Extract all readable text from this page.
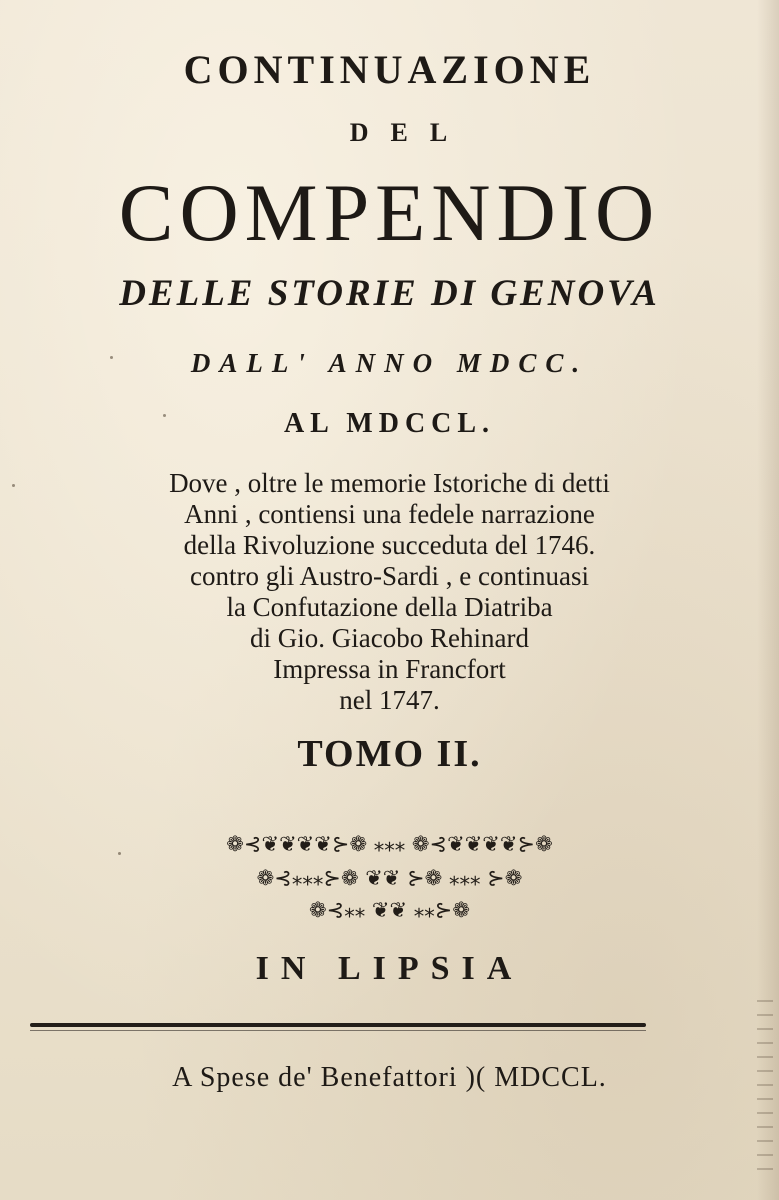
CONTINUAZIONE
DEL
COMPENDIO
DELLE STORIE DI GENOVA
DALL' ANNO MDCC.
AL MDCCL.
Dove , oltre le memorie Istoriche di detti
Anni , contiensi una fedele narrazione
della Rivoluzione succeduta del 1746.
contro gli Austro-Sardi , e continuasi
la Confutazione della Diatriba
di Gio. Giacobo Rehinard
Impressa in Francfort
nel 1747.
TOMO II.
❁⊰❦❦❦❦⊱❁ ⁎⁎⁎ ❁⊰❦❦❦❦⊱❁
❁⊰⁎⁎⁎⊱❁ ❦❦ ⊱❁ ⁎⁎⁎ ⊱❁
❁⊰⁎⁎ ❦❦ ⁎⁎⊱❁
IN LIPSIA
A Spese de' Benefattori )( MDCCL.
